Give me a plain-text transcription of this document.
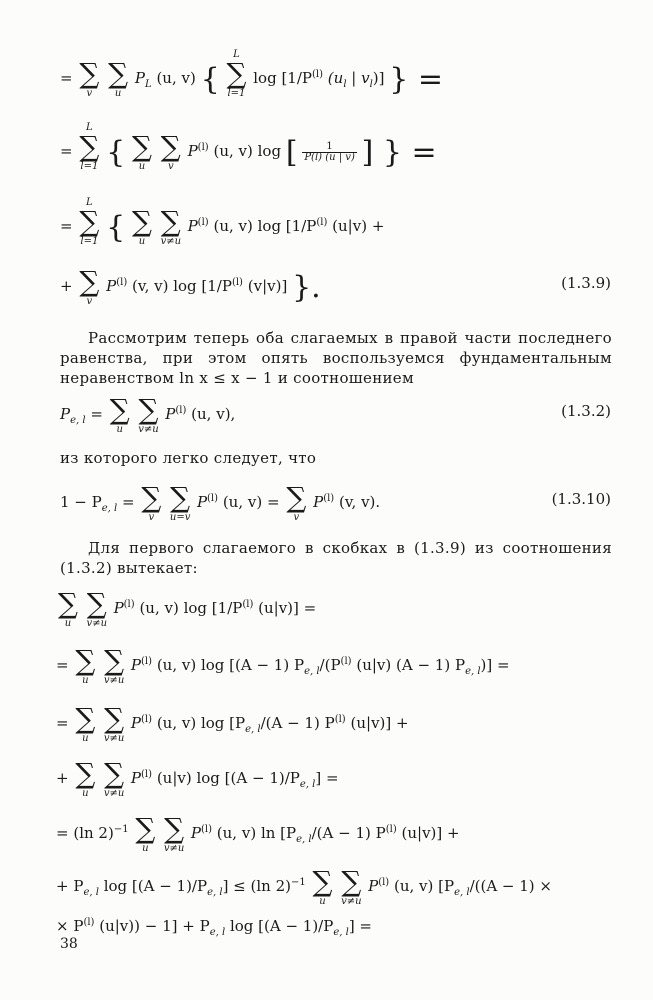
= ∑
v

∑
u
$P_L$ (u, v) {
L
∑
l=1
$\log [1/P^{(l)}$ ($u_l$ | $v_l$)] } =
=
L
∑
l=1 { ∑
u

∑
v
$P^{(l)}$ (u, v) log [ $\frac{1}{P(l) (u | v)}$ ] } =
=
L
∑
l=1 { ∑
u

∑
v≠u
$P^{(l)}$ (u, v) $\log [1/P^{(l)}$ (u|v) +
+ ∑
v
$P^{(l)}$ (v, v) $\log [1/P^{(l)}$ (v|v)] }.	(1.3.9)
Рассмотрим теперь оба слагаемых в правой части последнего равенства, при этом опять воспользуемся фундаментальным неравенством ln x ≤ x − 1 и соотношением
$P_{e, l}$ = ∑
u

∑
v≠u
$P^{(l)}$ (u, v),	(1.3.2)
из которого легко следует, что
$1 - P_{e, l}$ = ∑
v

∑
u=v
$P^{(l)}$ (u, v) = ∑
v
$P^{(l)}$ (v, v).	(1.3.10)
Для первого слагаемого в скобках в (1.3.9) из соотношения (1.3.2) вытекает:
∑
u

∑
v≠u
$P^{(l)}$ (u, v) $\log [1/P^{(l)}$ (u|v)] =
= ∑
u

∑
v≠u
$P^{(l)}$ (u, v) log [(A − 1) $P_{e, l}/(P^{(l)}$ (u|v) (A − 1) $P_{e, l}$)] =
= ∑
u

∑
v≠u
$P^{(l)}$ (u, v) $\log [P_{e, l}/(A - 1)$ $P^{(l)}$ (u|v)] +
+ ∑
u

∑
v≠u
$P^{(l)}$ (u|v) $\log [(A - 1)/P_{e, l}]$ =
= (ln 2)$^{-1}$ ∑
u

∑
v≠u
$P^{(l)}$ (u, v) $\ln [P_{e, l}/(A - 1)$ $P^{(l)}$ (u|v)] +
+ $P_{e, l}$ $\log [(A - 1)/P_{e, l}] \le (\ln$ 2)$^{-1}$ ∑
u

∑
v≠u
$P^{(l)}$ (u, v) [$P_{e, l}/((A - 1)$ ×
× $P^{(l)}$ $(u|v)) - 1] + P_{e, l}$ $\log [(A - 1)/P_{e, l}]$ =
38
